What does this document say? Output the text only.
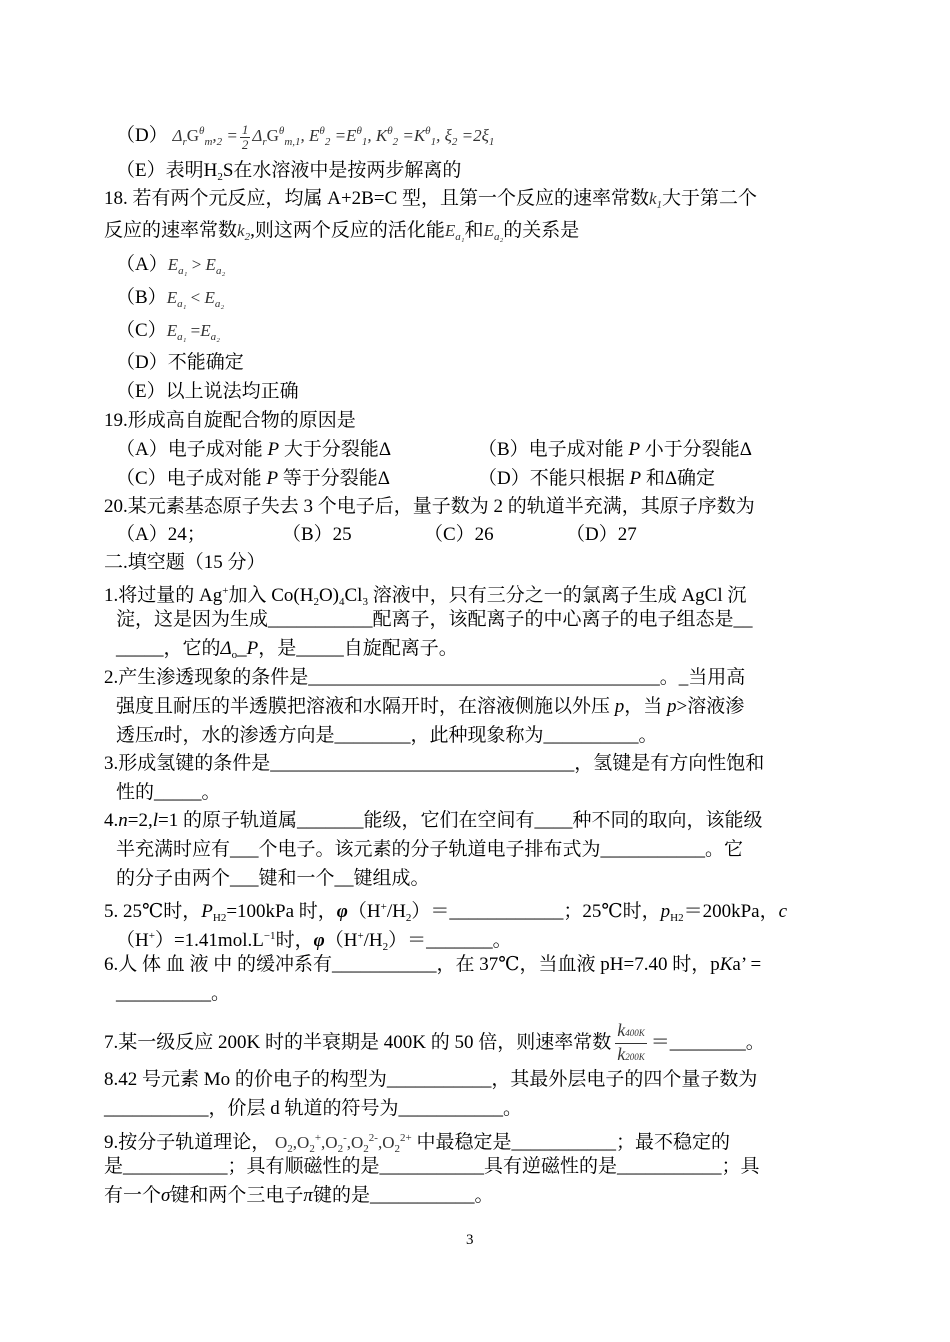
（D） $\Delta_rG^\theta_m,_2 = \frac{1}{2} \Delta_rG^\theta_{m,1}$, $E^\theta_2 =E^\theta_1$, $K^\theta_2 =K^\theta_1$, $\xi_2 =2\xi_1$
（E）表明$H_2S$在水溶液中是按两步解离的
18. 若有两个元反应，均属 A+2B=C 型，且第一个反应的速率常数$k_1$大于第二个
反应的速率常数$k_2$,则这两个反应的活化能$E_{a_1}$和$E_{a_2}$的关系是
$(A)E_{a_1} > E_{a_2}$
$(B)E_{a_1} < E_{a_2}$
$(C)E_{a_1} =E_{a_2}$
（D）不能确定
（E）以上说法均正确
19.形成高自旋配合物的原因是
（A）电子成对能 P 大于分裂能Δ	（B）电子成对能 P 小于分裂能Δ
（C）电子成对能 P 等于分裂能Δ	（D）不能只根据 P 和Δ确定
20.某元素基态原子失去 3 个电子后，量子数为 2 的轨道半充满，其原子序数为
（A）24；	（B）25	（C）26	（D）27
二.填空题（15 分）
1.将过量的 Ag+加入 $Co(H_2O)_4Cl_3$ 溶液中，只有三分之一的氯离子生成 AgCl 沉
淀，这是因为生成___________配离子，该配离子的中心离子的电子组态是__
_____，它的$\Delta_o\_P$，是_____自旋配离子。
2.产生渗透现象的条件是_____________________________________。_当用高
强度且耐压的半透膜把溶液和水隔开时，在溶液侧施以外压 p，当 p>溶液渗
透压π时，水的渗透方向是________，此种现象称为__________。
3.形成氢键的条件是________________________________，氢键是有方向性饱和
性的_____。
4.n=2,l=1 的原子轨道属_______能级，它们在空间有____种不同的取向，该能级
半充满时应有___个电子。该元素的分子轨道电子排布式为___________。它
的分子由两个___键和一个__键组成。
5. 25℃时，$P_{H2}=100kPa$ 时，$\varphi(H^+/H_2)=\_\_\_\_\_\_\_\_\_\_\_\_$；25℃时，$p_{H2}=200kPa$，c
$(H^+)=1.41mol.L^{-1}$时，$\varphi(H^+/H_2)=\_\_\_\_\_\_\_$。
6.人 体 血 液 中 的缓冲系有___________，在 37℃，当血液 pH=7.40 时，pKa’ =
__________。
7.某一级反应 200K 时的半衰期是 400K 的 50 倍，则速率常数 $\frac{k400K}{k200K}$ ＝________。
8.42 号元素 Mo 的价电子的构型为___________，其最外层电子的四个量子数为
___________，价层 d 轨道的符号为___________。
9.按分子轨道理论， $O_2,O_2^+,O_2^-,O_2^{2-},O_2^{2+}$ 中最稳定是___________；最不稳定的
是___________；具有顺磁性的是___________具有逆磁性的是___________；具
有一个σ键和两个三电子π键的是___________。
3
